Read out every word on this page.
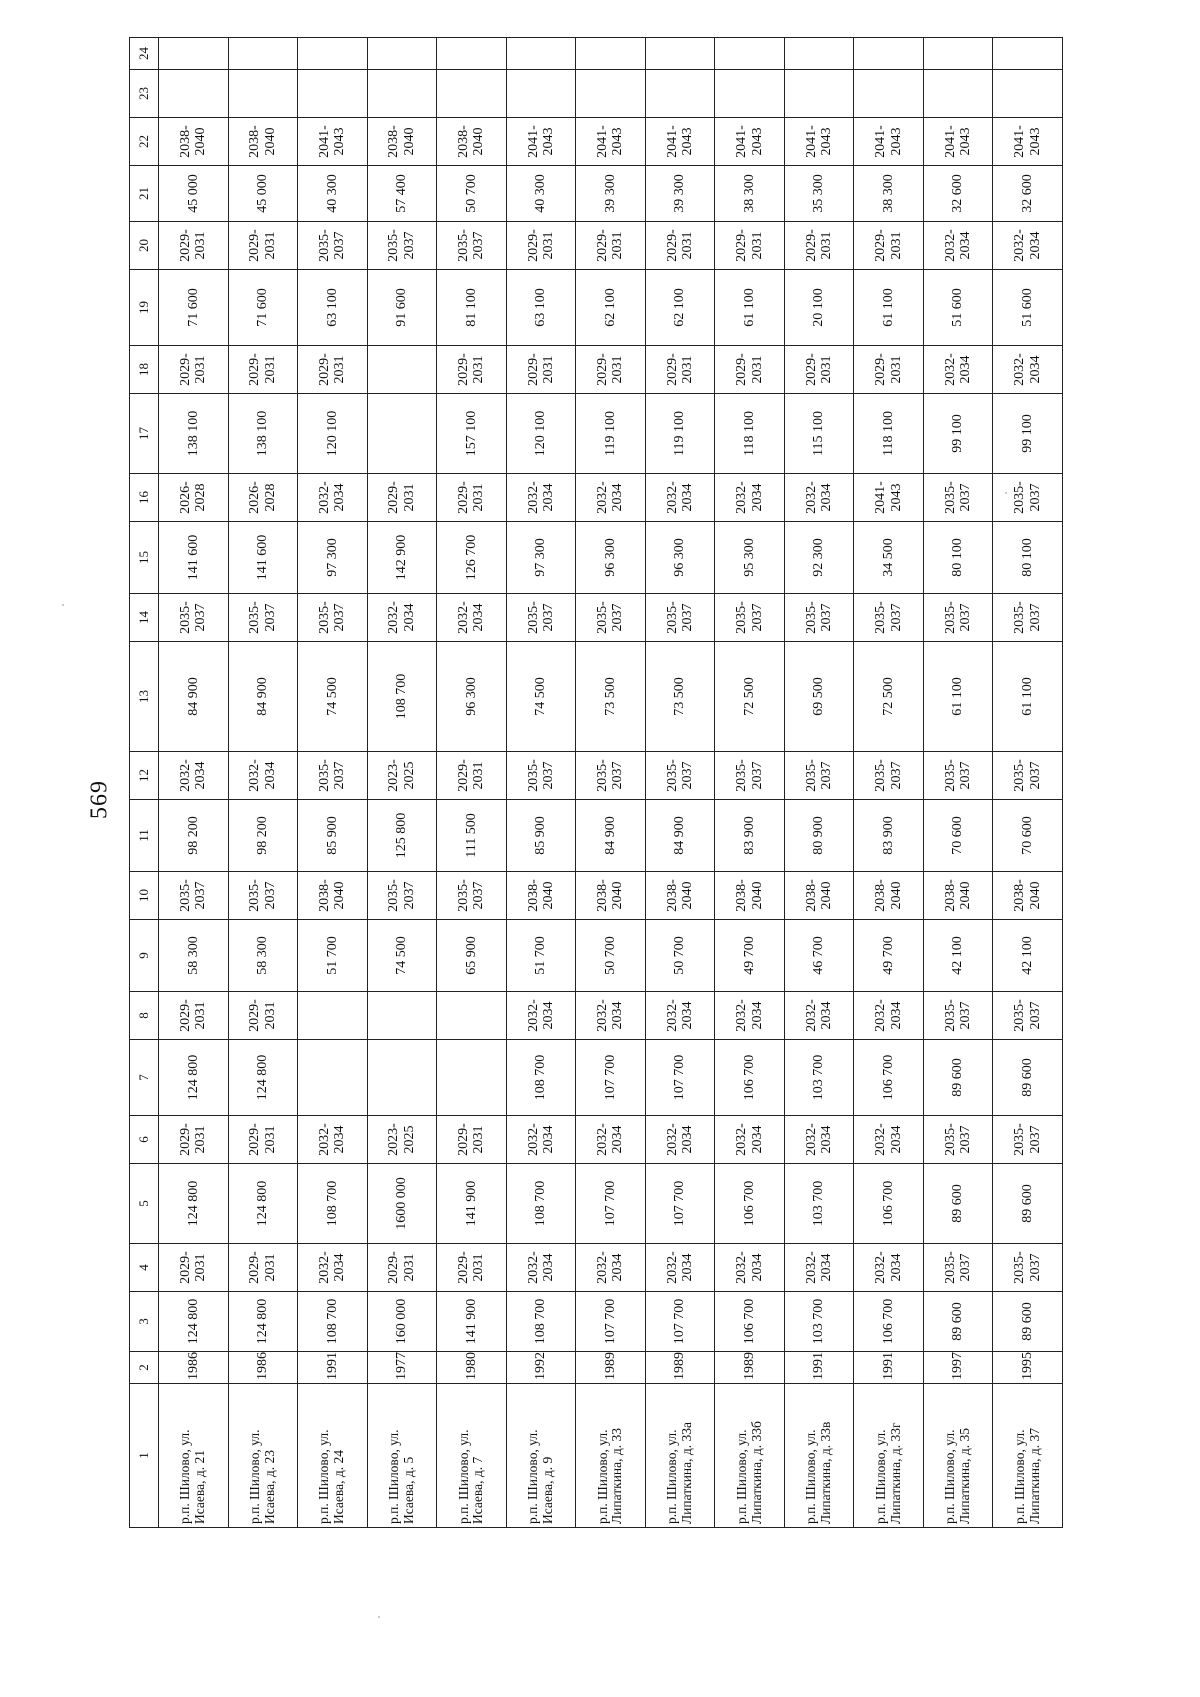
569
1	2	3	4	5	6	7	8	9	10	11	12	13	14	15	16	17	18	19	20	21	22	23	24
р.п. Шилово, ул. Исаева, д. 21	1986	124 800	2029-2031	124 800	2029-2031	124 800	2029-2031	58 300	2035-2037	98 200	2032-2034	84 900	2035-2037	141 600	2026-2028	138 100	2029-2031	71 600	2029-2031	45 000	2038-2040		
р.п. Шилово, ул. Исаева, д. 23	1986	124 800	2029-2031	124 800	2029-2031	124 800	2029-2031	58 300	2035-2037	98 200	2032-2034	84 900	2035-2037	141 600	2026-2028	138 100	2029-2031	71 600	2029-2031	45 000	2038-2040		
р.п. Шилово, ул. Исаева, д. 24	1991	108 700	2032-2034	108 700	2032-2034			51 700	2038-2040	85 900	2035-2037	74 500	2035-2037	97 300	2032-2034	120 100	2029-2031	63 100	2035-2037	40 300	2041-2043		
р.п. Шилово, ул. Исаева, д. 5	1977	160 000	2029-2031	1600 000	2023-2025			74 500	2035-2037	125 800	2023-2025	108 700	2032-2034	142 900	2029-2031			91 600	2035-2037	57 400	2038-2040		
р.п. Шилово, ул. Исаева, д. 7	1980	141 900	2029-2031	141 900	2029-2031			65 900	2035-2037	111 500	2029-2031	96 300	2032-2034	126 700	2029-2031	157 100	2029-2031	81 100	2035-2037	50 700	2038-2040		
р.п. Шилово, ул. Исаева, д. 9	1992	108 700	2032-2034	108 700	2032-2034	108 700	2032-2034	51 700	2038-2040	85 900	2035-2037	74 500	2035-2037	97 300	2032-2034	120 100	2029-2031	63 100	2029-2031	40 300	2041-2043		
р.п. Шилово, ул. Липаткина, д. 33	1989	107 700	2032-2034	107 700	2032-2034	107 700	2032-2034	50 700	2038-2040	84 900	2035-2037	73 500	2035-2037	96 300	2032-2034	119 100	2029-2031	62 100	2029-2031	39 300	2041-2043		
р.п. Шилово, ул. Липаткина, д. 33а	1989	107 700	2032-2034	107 700	2032-2034	107 700	2032-2034	50 700	2038-2040	84 900	2035-2037	73 500	2035-2037	96 300	2032-2034	119 100	2029-2031	62 100	2029-2031	39 300	2041-2043		
р.п. Шилово, ул. Липаткина, д. 33б	1989	106 700	2032-2034	106 700	2032-2034	106 700	2032-2034	49 700	2038-2040	83 900	2035-2037	72 500	2035-2037	95 300	2032-2034	118 100	2029-2031	61 100	2029-2031	38 300	2041-2043		
р.п. Шилово, ул. Липаткина, д. 33в	1991	103 700	2032-2034	103 700	2032-2034	103 700	2032-2034	46 700	2038-2040	80 900	2035-2037	69 500	2035-2037	92 300	2032-2034	115 100	2029-2031	20 100	2029-2031	35 300	2041-2043		
р.п. Шилово, ул. Липаткина, д. 33г	1991	106 700	2032-2034	106 700	2032-2034	106 700	2032-2034	49 700	2038-2040	83 900	2035-2037	72 500	2035-2037	34 500	2041-2043	118 100	2029-2031	61 100	2029-2031	38 300	2041-2043		
р.п. Шилово, ул. Липаткина, д. 35	1997	89 600	2035-2037	89 600	2035-2037	89 600	2035-2037	42 100	2038-2040	70 600	2035-2037	61 100	2035-2037	80 100	2035-2037	99 100	2032-2034	51 600	2032-2034	32 600	2041-2043		
р.п. Шилово, ул. Липаткина, д. 37	1995	89 600	2035-2037	89 600	2035-2037	89 600	2035-2037	42 100	2038-2040	70 600	2035-2037	61 100	2035-2037	80 100	2035-2037	99 100	2032-2034	51 600	2032-2034	32 600	2041-2043		
